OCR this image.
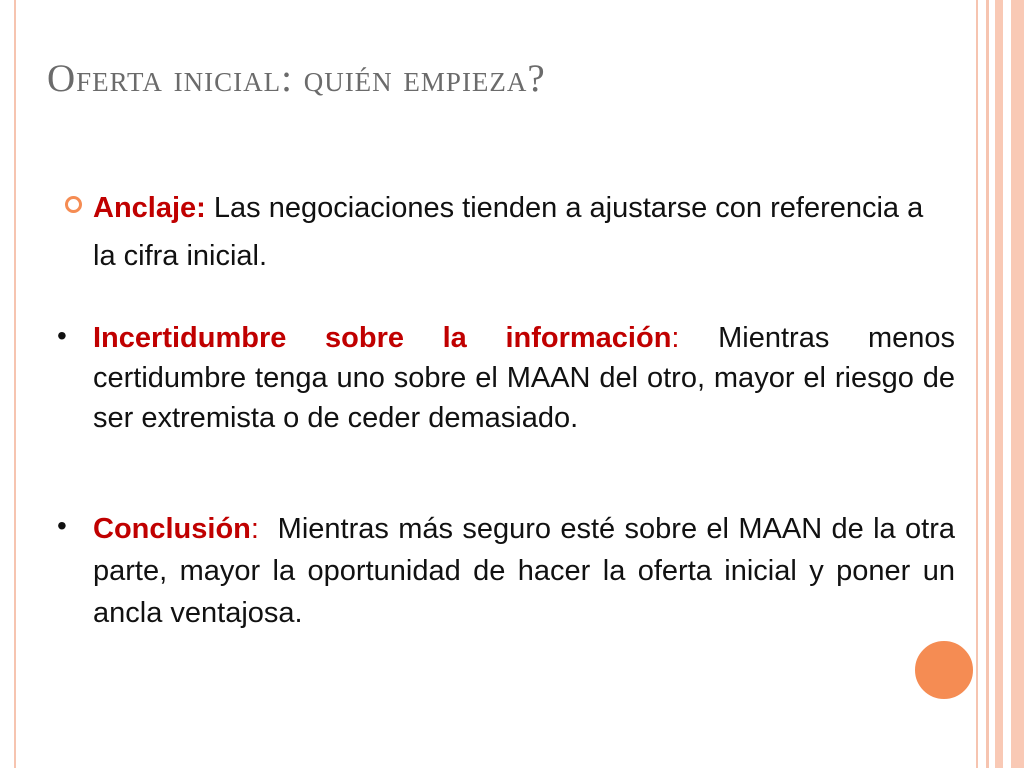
Oferta inicial: quién empieza?
Anclaje: Las negociaciones tienden a ajustarse con referencia a la cifra inicial.
• Incertidumbre sobre la información: Mientras menos certidumbre tenga uno sobre el MAAN del otro, mayor el riesgo de ser extremista o de ceder demasiado.
• Conclusión:  Mientras más seguro esté sobre el MAAN de la otra parte, mayor la oportunidad de hacer la oferta inicial y poner un ancla ventajosa.
